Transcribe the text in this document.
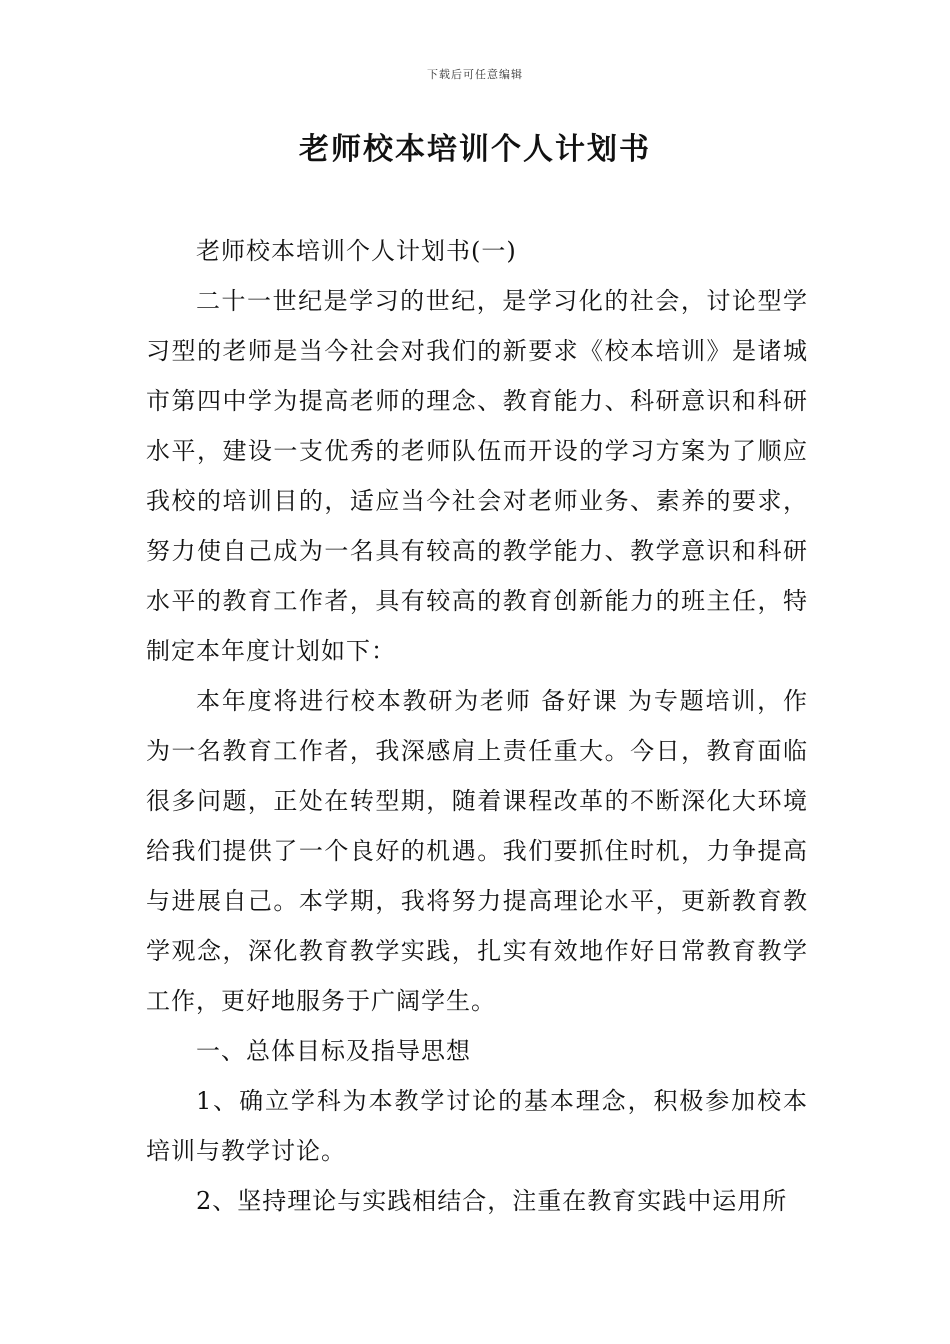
下载后可任意编辑
老师校本培训个人计划书

老师校本培训个人计划书(一)

二十一世纪是学习的世纪，是学习化的社会，讨论型学习型的老师是当今社会对我们的新要求《校本培训》是诸城市第四中学为提高老师的理念、教育能力、科研意识和科研水平，建设一支优秀的老师队伍而开设的学习方案为了顺应我校的培训目的，适应当今社会对老师业务、素养的要求，努力使自己成为一名具有较高的教学能力、教学意识和科研水平的教育工作者，具有较高的教育创新能力的班主任，特制定本年度计划如下：

本年度将进行校本教研为老师 备好课 为专题培训，作为一名教育工作者，我深感肩上责任重大。今日，教育面临很多问题，正处在转型期，随着课程改革的不断深化大环境给我们提供了一个良好的机遇。我们要抓住时机，力争提高与进展自己。本学期，我将努力提高理论水平，更新教育教学观念，深化教育教学实践，扎实有效地作好日常教育教学工作，更好地服务于广阔学生。

一、总体目标及指导思想

1、确立学科为本教学讨论的基本理念，积极参加校本培训与教学讨论。

2、坚持理论与实践相结合，注重在教育实践中运用所
